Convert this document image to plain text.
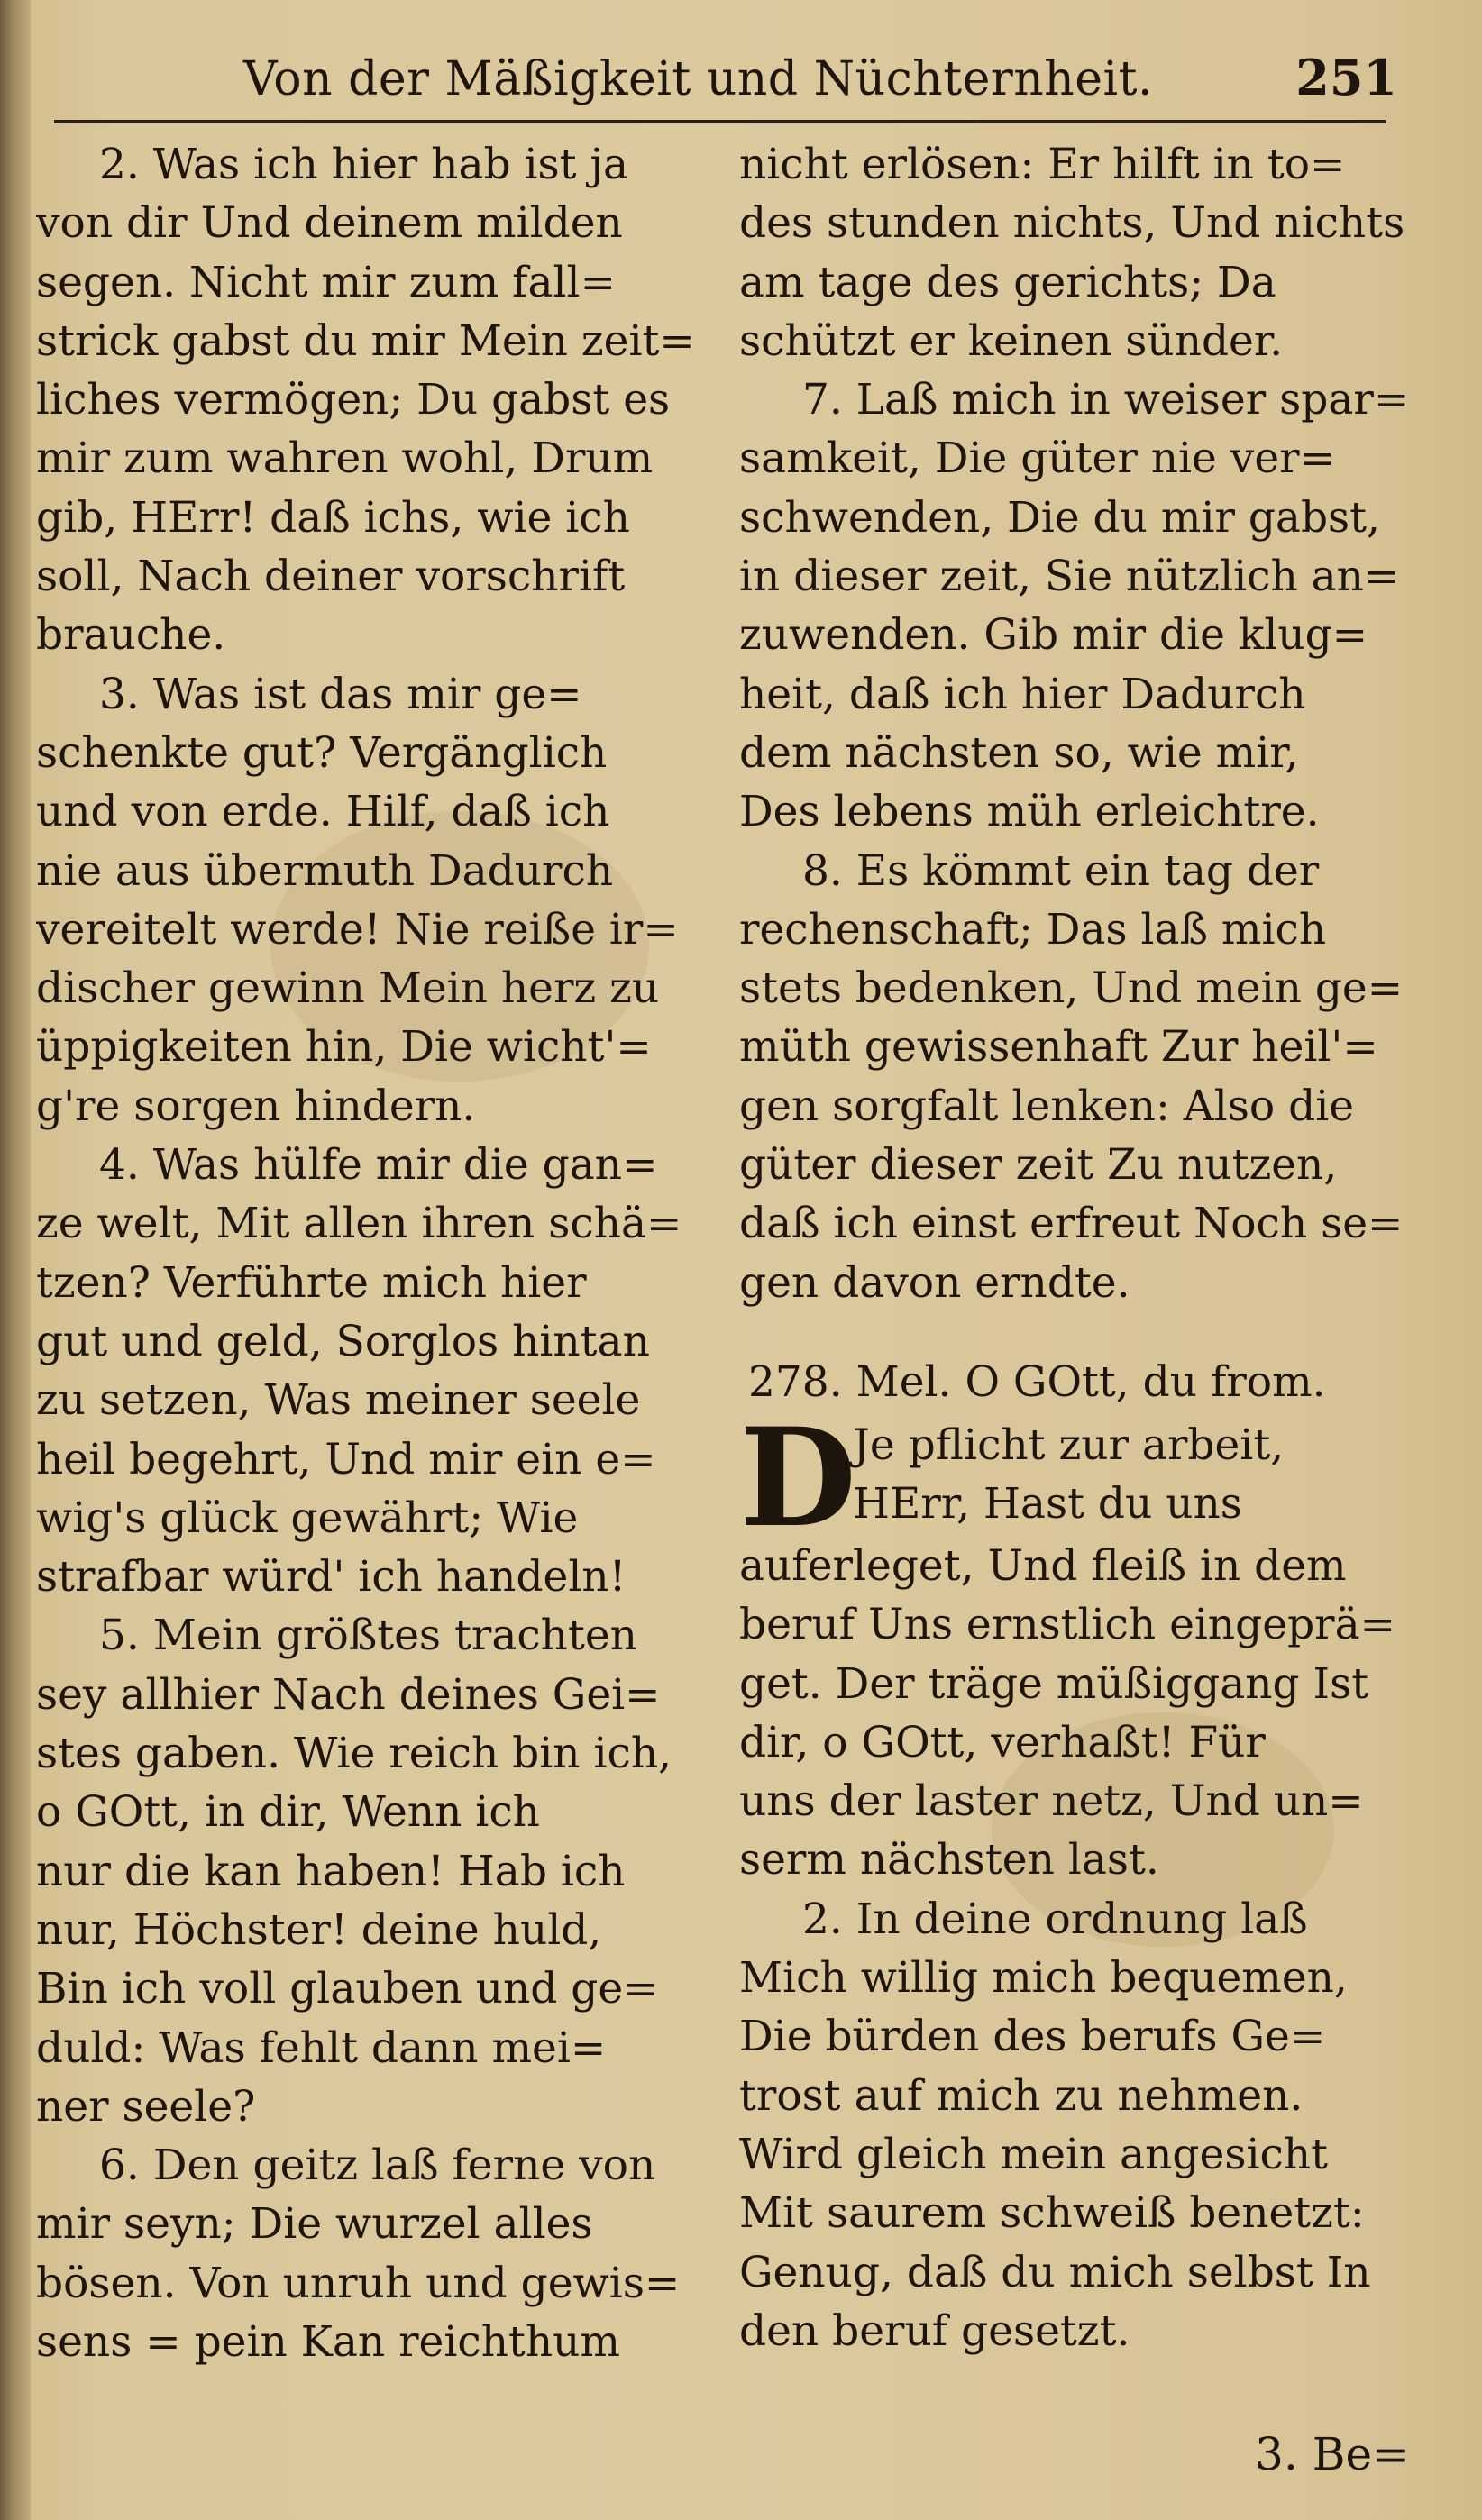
Von der Mäßigkeit und Nüchternheit.	251
2. Was ich hier hab ist ja
von dir Und deinem milden
segen. Nicht mir zum fall=
strick gabst du mir Mein zeit=
liches vermögen; Du gabst es
mir zum wahren wohl, Drum
gib, HErr! daß ichs, wie ich
soll, Nach deiner vorschrift
brauche.
3. Was ist das mir ge=
schenkte gut? Vergänglich
und von erde. Hilf, daß ich
nie aus übermuth Dadurch
vereitelt werde! Nie reiße ir=
discher gewinn Mein herz zu
üppigkeiten hin, Die wicht'=
g're sorgen hindern.
4. Was hülfe mir die gan=
ze welt, Mit allen ihren schä=
tzen? Verführte mich hier
gut und geld, Sorglos hintan
zu setzen, Was meiner seele
heil begehrt, Und mir ein e=
wig's glück gewährt; Wie
strafbar würd' ich handeln!
5. Mein größtes trachten
sey allhier Nach deines Gei=
stes gaben. Wie reich bin ich,
o GOtt, in dir, Wenn ich
nur die kan haben! Hab ich
nur, Höchster! deine huld,
Bin ich voll glauben und ge=
duld: Was fehlt dann mei=
ner seele?
6. Den geitz laß ferne von
mir seyn; Die wurzel alles
bösen. Von unruh und gewis=
sens = pein Kan reichthum
nicht erlösen: Er hilft in to=
des stunden nichts, Und nichts
am tage des gerichts; Da
schützt er keinen sünder.
7. Laß mich in weiser spar=
samkeit, Die güter nie ver=
schwenden, Die du mir gabst,
in dieser zeit, Sie nützlich an=
zuwenden. Gib mir die klug=
heit, daß ich hier Dadurch
dem nächsten so, wie mir,
Des lebens müh erleichtre.
8. Es kömmt ein tag der
rechenschaft; Das laß mich
stets bedenken, Und mein ge=
müth gewissenhaft Zur heil'=
gen sorgfalt lenken: Also die
güter dieser zeit Zu nutzen,
daß ich einst erfreut Noch se=
gen davon erndte.
278. Mel. O GOtt, du from.
D
Je pflicht zur arbeit,
HErr, Hast du uns
auferleget, Und fleiß in dem
beruf Uns ernstlich eingeprä=
get. Der träge müßiggang Ist
dir, o GOtt, verhaßt! Für
uns der laster netz, Und un=
serm nächsten last.
2. In deine ordnung laß
Mich willig mich bequemen,
Die bürden des berufs Ge=
trost auf mich zu nehmen.
Wird gleich mein angesicht
Mit saurem schweiß benetzt:
Genug, daß du mich selbst In
den beruf gesetzt.
3. Be=
